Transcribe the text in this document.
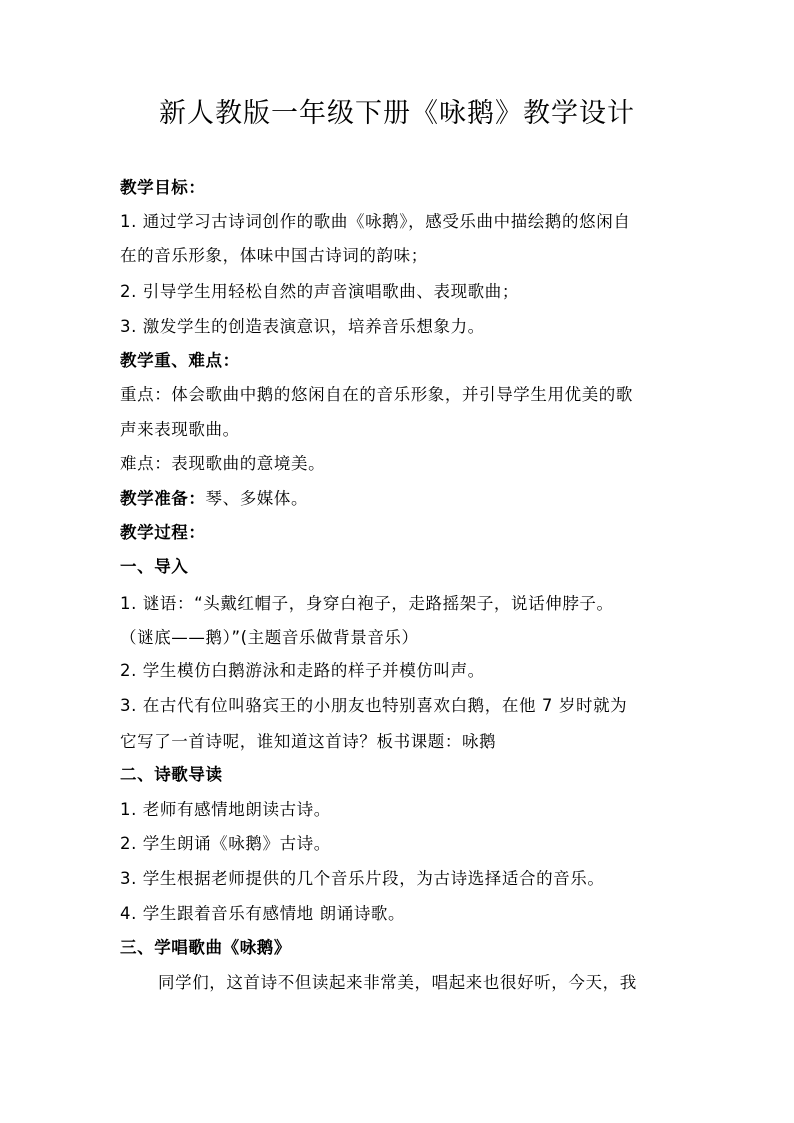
新人教版一年级下册《咏鹅》教学设计
教学目标：
1. 通过学习古诗词创作的歌曲《咏鹅》，感受乐曲中描绘鹅的悠闲自
在的音乐形象，体味中国古诗词的韵味；
2. 引导学生用轻松自然的声音演唱歌曲、表现歌曲；
3. 激发学生的创造表演意识，培养音乐想象力。
教学重、难点：
重点：体会歌曲中鹅的悠闲自在的音乐形象，并引导学生用优美的歌
声来表现歌曲。
难点：表现歌曲的意境美。
教学准备：琴、多媒体。
教学过程：
一、导入
1. 谜语：“头戴红帽子，身穿白袍子，走路摇架子，说话伸脖子。
（谜底——鹅）”(主题音乐做背景音乐）
2. 学生模仿白鹅游泳和走路的样子并模仿叫声。
3. 在古代有位叫骆宾王的小朋友也特别喜欢白鹅，在他 7 岁时就为
它写了一首诗呢，谁知道这首诗？板书课题：咏鹅
二、诗歌导读
1. 老师有感情地朗读古诗。
2. 学生朗诵《咏鹅》古诗。
3. 学生根据老师提供的几个音乐片段，为古诗选择适合的音乐。
4. 学生跟着音乐有感情地 朗诵诗歌。
三、学唱歌曲《咏鹅》
同学们，这首诗不但读起来非常美，唱起来也很好听，今天，我
